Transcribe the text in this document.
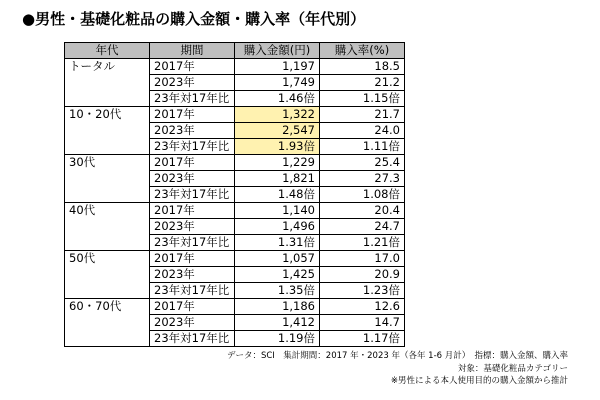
●男性・基礎化粧品の購入金額・購入率（年代別）
年代	期間	購入金額(円)	購入率(%)
トータル	2017年	1,197	18.5
	2023年	1,749	21.2
	23年対17年比	1.46倍	1.15倍
10・20代	2017年	1,322	21.7
	2023年	2,547	24.0
	23年対17年比	1.93倍	1.11倍
30代	2017年	1,229	25.4
	2023年	1,821	27.3
	23年対17年比	1.48倍	1.08倍
40代	2017年	1,140	20.4
	2023年	1,496	24.7
	23年対17年比	1.31倍	1.21倍
50代	2017年	1,057	17.0
	2023年	1,425	20.9
	23年対17年比	1.35倍	1.23倍
60・70代	2017年	1,186	12.6
	2023年	1,412	14.7
	23年対17年比	1.19倍	1.17倍
データ：SCI　集計期間：2017 年・2023 年（各年 1-6 月計）　指標：購入金額、購入率
対象：基礎化粧品カテゴリー
※男性による本人使用目的の購入金額から推計
